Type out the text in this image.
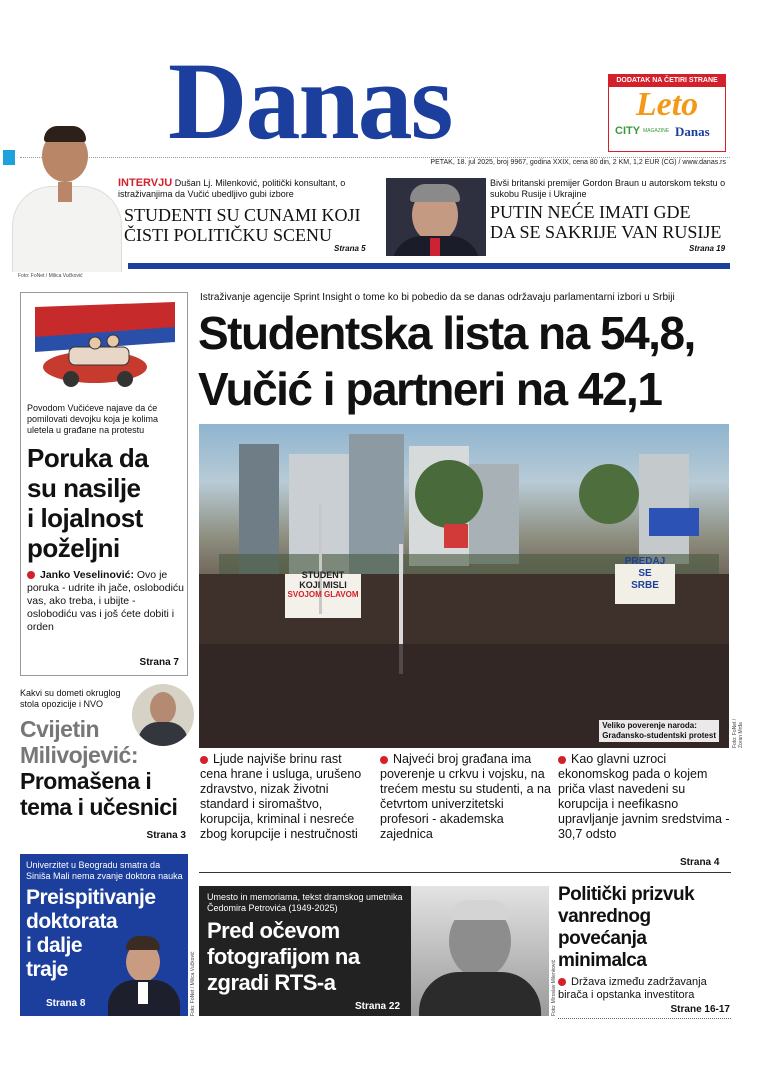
Danas	DODATAK NA ČETIRI STRANE
Leto
CITY MAGAZINE Danas
PETAK, 18. jul 2025, broj 9967, godina XXIX, cena 80 din, 2 KM, 1,2 EUR (CG) / www.danas.rs
Foto: FoNet / Milica Vučković
INTERVJU Dušan Lj. Milenković, politički konsultant, o istraživanjima da Vučić ubedljivo gubi izbore
STUDENTI SU CUNAMI KOJI
ČISTI POLITIČKU SCENU
Strana 5
Bivši britanski premijer Gordon Braun u autorskom tekstu o sukobu Rusije i Ukrajine
PUTIN NEĆE IMATI GDE
DA SE SAKRIJE VAN RUSIJE
Strana 19
Povodom Vučićeve najave da će pomilovati devojku koja je kolima uletela u građane na protestu
Poruka da
su nasilje
i lojalnost
poželjni
Janko Veselinović: Ovo je poruka - udrite ih jače, oslobodiću vas, ako treba, i ubijte - oslobodiću vas i još ćete dobiti i orden
Strana 7
Kakvi su dometi okruglog stola opozicije i NVO
Cvijetin
Milivojević:
Promašena i
tema i učesnici
Strana 3
Univerzitet u Beogradu smatra da Siniša Mali nema zvanje doktora nauka
Preispitivanje
doktorata
i dalje
traje
Strana 8	Foto: FoNet / Milica Vučković
Istraživanje agencije Sprint Insight o tome ko bi pobedio da se danas održavaju parlamentarni izbori u Srbiji
Studentska lista na 54,8,
Vučić i partneri na 42,1
STUDENT
KOJI MISLI
SVOJOM GLAVOM
PREDAJ
SE
SRBE
Veliko poverenje naroda:
Građansko-studentski protest	Foto: FoNet / Zoran Mrđa
Ljude najviše brinu rast cena hrane i usluga, urušeno zdravstvo, nizak životni standard i siromaštvo, korupcija, kriminal i nesreće zbog korupcije i nestručnosti
Najveći broj građana ima poverenje u crkvu i vojsku, na trećem mestu su studenti, a na četvrtom univerzitetski profesori - akademska zajednica
Kao glavni uzroci ekonomskog pada o kojem priča vlast navedeni su korupcija i neefikasno upravljanje javnim sredstvima - 30,7 odsto
Strana 4
Umesto in memoriama, tekst dramskog umetnika Čedomira Petrovića (1949-2025)
Pred očevom
fotografijom na
zgradi RTS-a
Strana 22	Foto: Miroslav Milenković
Politički prizvuk
vanrednog
povećanja
minimalca
Država između zadržavanja birača i opstanka investitora
Strane 16-17
